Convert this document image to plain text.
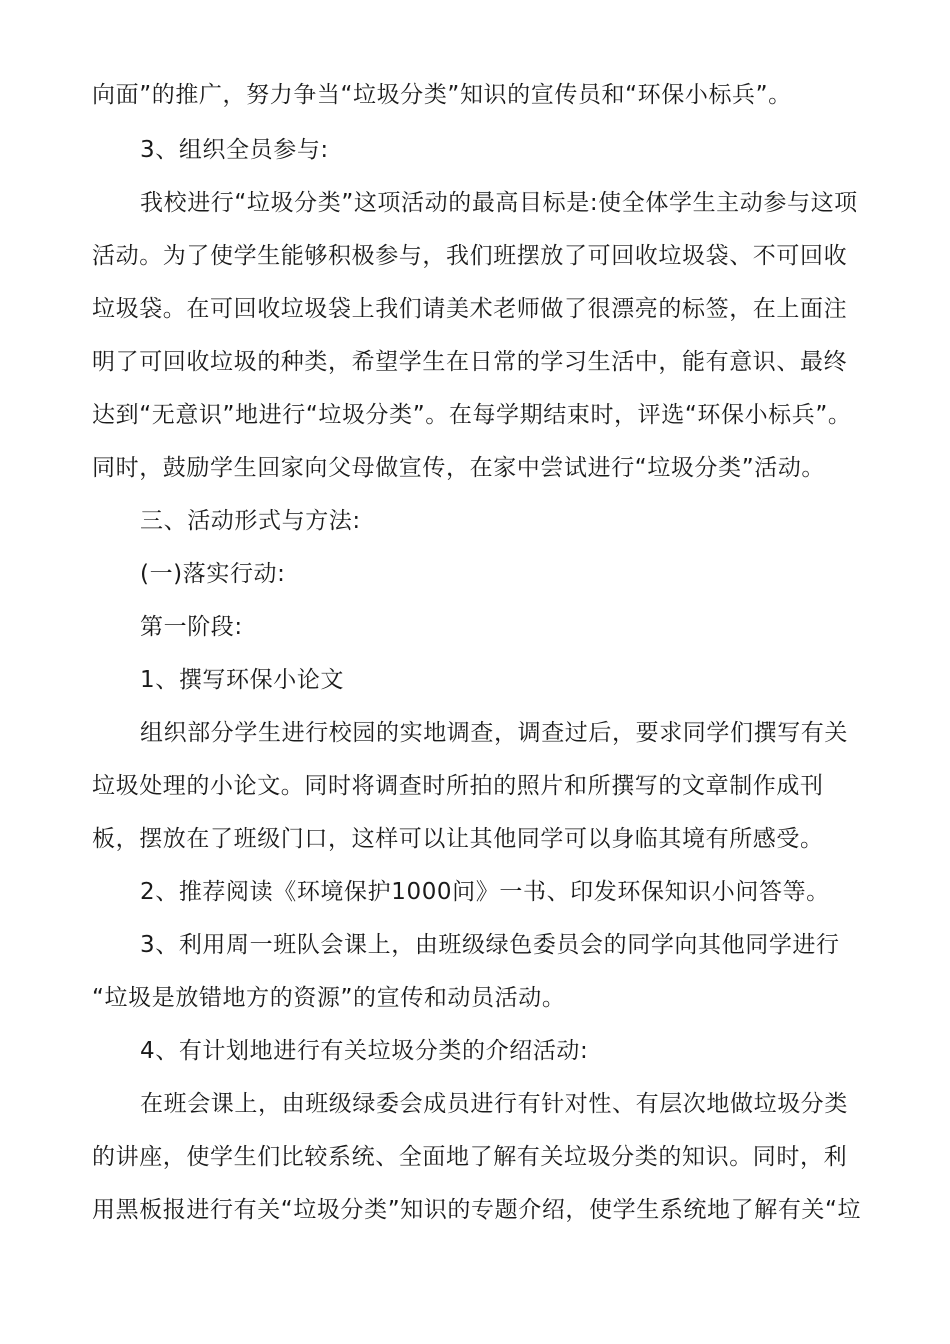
向面”的推广，努力争当“垃圾分类”知识的宣传员和“环保小标兵”。
3、组织全员参与:
我校进行“垃圾分类”这项活动的最高目标是:使全体学生主动参与这项
活动。为了使学生能够积极参与，我们班摆放了可回收垃圾袋、不可回收
垃圾袋。在可回收垃圾袋上我们请美术老师做了很漂亮的标签，在上面注
明了可回收垃圾的种类，希望学生在日常的学习生活中，能有意识、最终
达到“无意识”地进行“垃圾分类”。在每学期结束时，评选“环保小标兵”。
同时，鼓励学生回家向父母做宣传，在家中尝试进行“垃圾分类”活动。
三、活动形式与方法:
(一)落实行动:
第一阶段:
1、撰写环保小论文
组织部分学生进行校园的实地调查，调查过后，要求同学们撰写有关
垃圾处理的小论文。同时将调查时所拍的照片和所撰写的文章制作成刊
板，摆放在了班级门口，这样可以让其他同学可以身临其境有所感受。
2、推荐阅读《环境保护1000问》一书、印发环保知识小问答等。
3、利用周一班队会课上，由班级绿色委员会的同学向其他同学进行
“垃圾是放错地方的资源”的宣传和动员活动。
4、有计划地进行有关垃圾分类的介绍活动:
在班会课上，由班级绿委会成员进行有针对性、有层次地做垃圾分类
的讲座，使学生们比较系统、全面地了解有关垃圾分类的知识。同时，利
用黑板报进行有关“垃圾分类”知识的专题介绍，使学生系统地了解有关“垃
